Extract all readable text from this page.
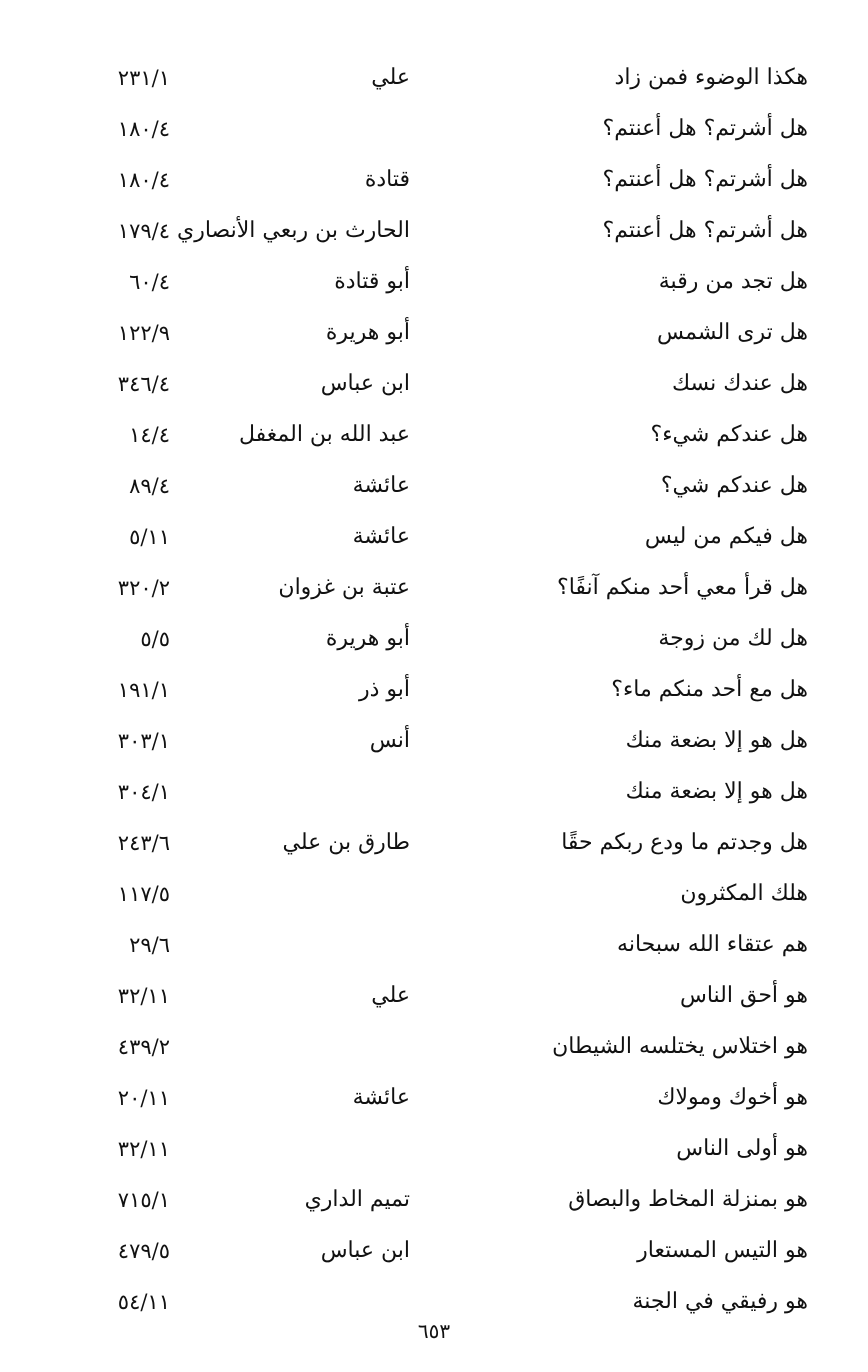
هكذا الوضوء فمن زاد
علي
٢٣١/١
هل أشرتم؟ هل أعنتم؟
١٨٠/٤
هل أشرتم؟ هل أعنتم؟
قتادة
١٨٠/٤
هل أشرتم؟ هل أعنتم؟
الحارث بن ربعي الأنصاري
١٧٩/٤
هل تجد من رقبة
أبو قتادة
٦٠/٤
هل ترى الشمس
أبو هريرة
١٢٢/٩
هل عندك نسك
ابن عباس
٣٤٦/٤
هل عندكم شيء؟
عبد الله بن المغفل
١٤/٤
هل عندكم شي؟
عائشة
٨٩/٤
هل فيكم من ليس
عائشة
٥/١١
هل قرأ معي أحد منكم آنفًا؟
عتبة بن غزوان
٣٢٠/٢
هل لك من زوجة
أبو هريرة
٥/٥
هل مع أحد منكم ماء؟
أبو ذر
١٩١/١
هل هو إلا بضعة منك
أنس
٣٠٣/١
هل هو إلا بضعة منك
٣٠٤/١
هل وجدتم ما ودع ربكم حقًا
طارق بن علي
٢٤٣/٦
هلك المكثرون
١١٧/٥
هم عتقاء الله سبحانه
٢٩/٦
هو أحق الناس
علي
٣٢/١١
هو اختلاس يختلسه الشيطان
٤٣٩/٢
هو أخوك ومولاك
عائشة
٢٠/١١
هو أولى الناس
٣٢/١١
هو بمنزلة المخاط والبصاق
تميم الداري
٧١٥/١
هو التيس المستعار
ابن عباس
٤٧٩/٥
هو رفيقي في الجنة
٥٤/١١
٦٥٣
